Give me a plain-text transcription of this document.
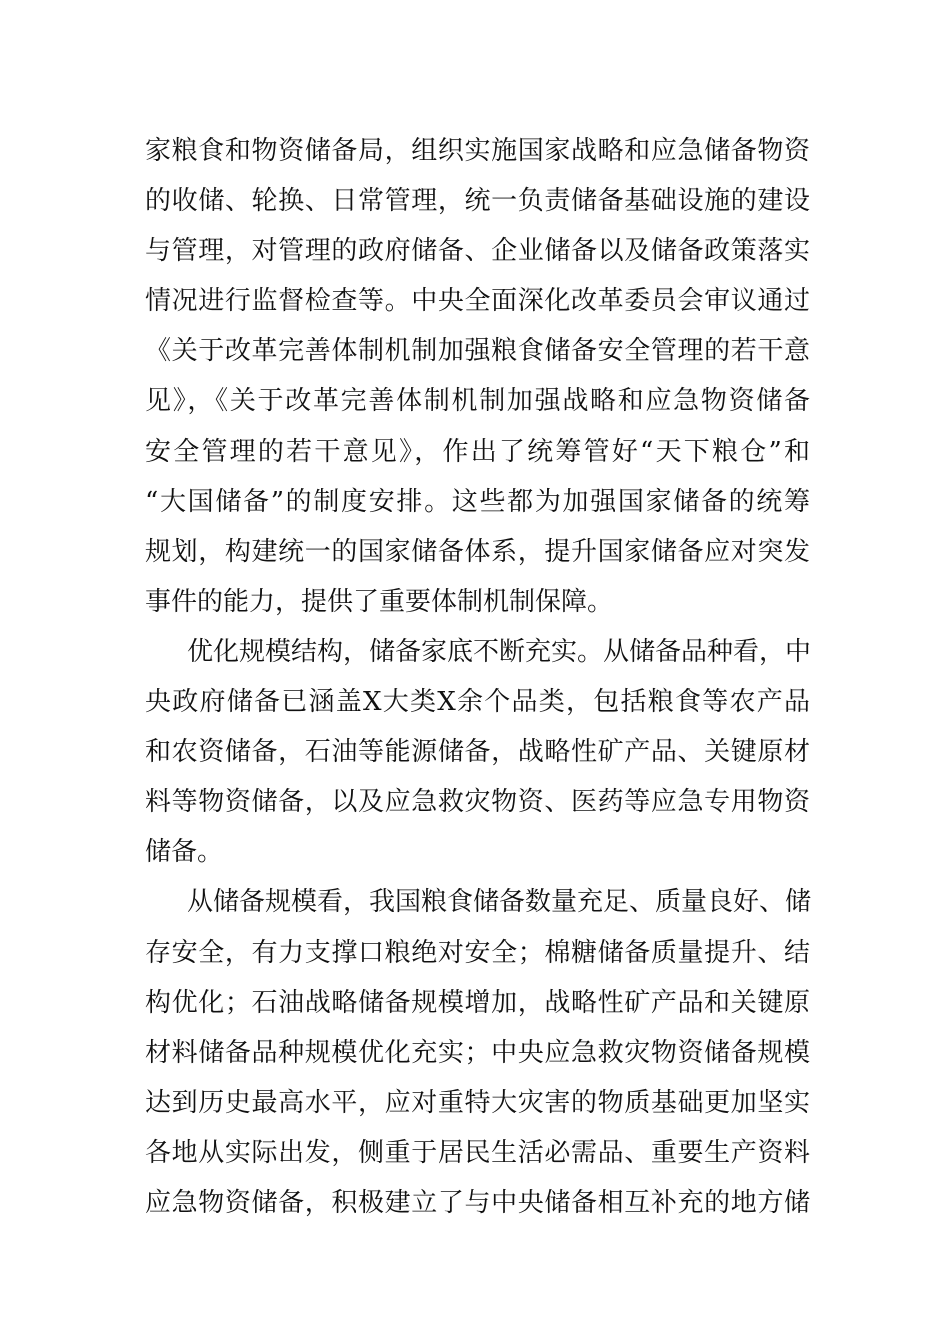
家粮食和物资储备局，组织实施国家战略和应急储备物资
的收储、轮换、日常管理，统一负责储备基础设施的建设
与管理，对管理的政府储备、企业储备以及储备政策落实
情况进行监督检查等。中央全面深化改革委员会审议通过
《关于改革完善体制机制加强粮食储备安全管理的若干意
见》，《关于改革完善体制机制加强战略和应急物资储备
安全管理的若干意见》，作出了统筹管好“天下粮仓”和
“大国储备”的制度安排。这些都为加强国家储备的统筹
规划，构建统一的国家储备体系，提升国家储备应对突发
事件的能力，提供了重要体制机制保障。
优化规模结构，储备家底不断充实。从储备品种看，中
央政府储备已涵盖X大类X余个品类，包括粮食等农产品
和农资储备，石油等能源储备，战略性矿产品、关键原材
料等物资储备，以及应急救灾物资、医药等应急专用物资
储备。
从储备规模看，我国粮食储备数量充足、质量良好、储
存安全，有力支撑口粮绝对安全；棉糖储备质量提升、结
构优化；石油战略储备规模增加，战略性矿产品和关键原
材料储备品种规模优化充实；中央应急救灾物资储备规模
达到历史最高水平，应对重特大灾害的物质基础更加坚实
各地从实际出发，侧重于居民生活必需品、重要生产资料
应急物资储备，积极建立了与中央储备相互补充的地方储
